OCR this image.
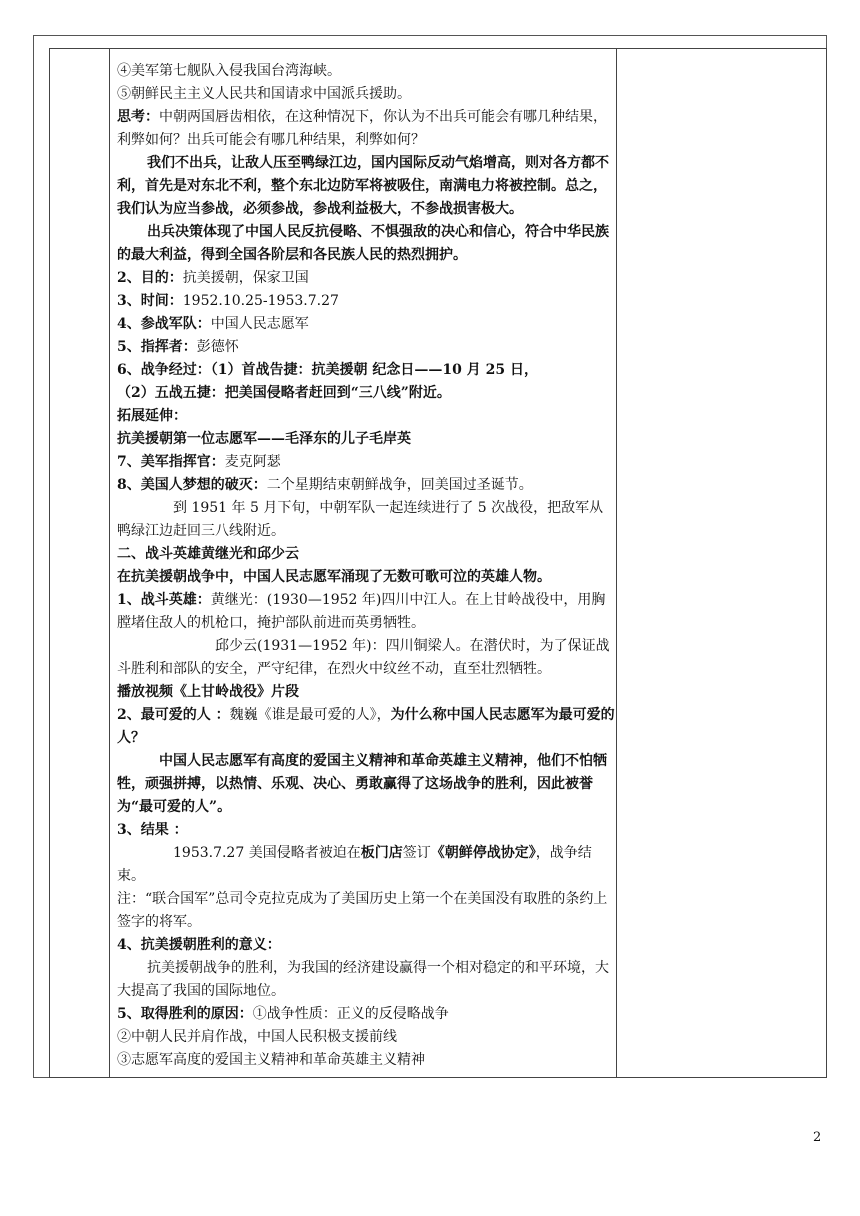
④美军第七舰队入侵我国台湾海峡。

⑤朝鲜民主主义人民共和国请求中国派兵援助。

思考：中朝两国唇齿相依，在这种情况下，你认为不出兵可能会有哪几种结果，利弊如何？出兵可能会有哪几种结果，利弊如何？

我们不出兵，让敌人压至鸭绿江边，国内国际反动气焰增高，则对各方都不利，首先是对东北不利，整个东北边防军将被吸住，南满电力将被控制。总之，我们认为应当参战，必须参战，参战利益极大，不参战损害极大。

出兵决策体现了中国人民反抗侵略、不惧强敌的决心和信心，符合中华民族的最大利益，得到全国各阶层和各民族人民的热烈拥护。

2、目的：抗美援朝，保家卫国

3、时间：1952.10.25-1953.7.27

4、参战军队：中国人民志愿军

5、指挥者：彭德怀

6、战争经过：（1）首战告捷：抗美援朝 纪念日——10 月 25 日，

（2）五战五捷：把美国侵略者赶回到“三八线”附近。

拓展延伸：

抗美援朝第一位志愿军——毛泽东的儿子毛岸英

7、美军指挥官：麦克阿瑟

8、美国人梦想的破灭：二个星期结束朝鲜战争，回美国过圣诞节。

到 1951 年 5 月下旬，中朝军队一起连续进行了 5 次战役，把敌军从鸭绿江边赶回三八线附近。

二、战斗英雄黄继光和邱少云

在抗美援朝战争中，中国人民志愿军涌现了无数可歌可泣的英雄人物。

1、战斗英雄：黄继光：(1930—1952 年)四川中江人。在上甘岭战役中，用胸膛堵住敌人的机枪口，掩护部队前进而英勇牺牲。

邱少云(1931—1952 年)：四川铜梁人。在潜伏时，为了保证战斗胜利和部队的安全，严守纪律，在烈火中纹丝不动，直至壮烈牺牲。

播放视频《上甘岭战役》片段

2、最可爱的人 ：魏巍《谁是最可爱的人》，为什么称中国人民志愿军为最可爱的人？

中国人民志愿军有高度的爱国主义精神和革命英雄主义精神，他们不怕牺牲，顽强拼搏，以热情、乐观、决心、勇敢赢得了这场战争的胜利，因此被誉为“最可爱的人”。

3、结果 ：

1953.7.27 美国侵略者被迫在板门店签订《朝鲜停战协定》，战争结束。

注：“联合国军”总司令克拉克成为了美国历史上第一个在美国没有取胜的条约上签字的将军。

4、抗美援朝胜利的意义：

抗美援朝战争的胜利，为我国的经济建设赢得一个相对稳定的和平环境，大大提高了我国的国际地位。

5、取得胜利的原因：①战争性质：正义的反侵略战争

②中朝人民并肩作战，中国人民积极支援前线

③志愿军高度的爱国主义精神和革命英雄主义精神

2
